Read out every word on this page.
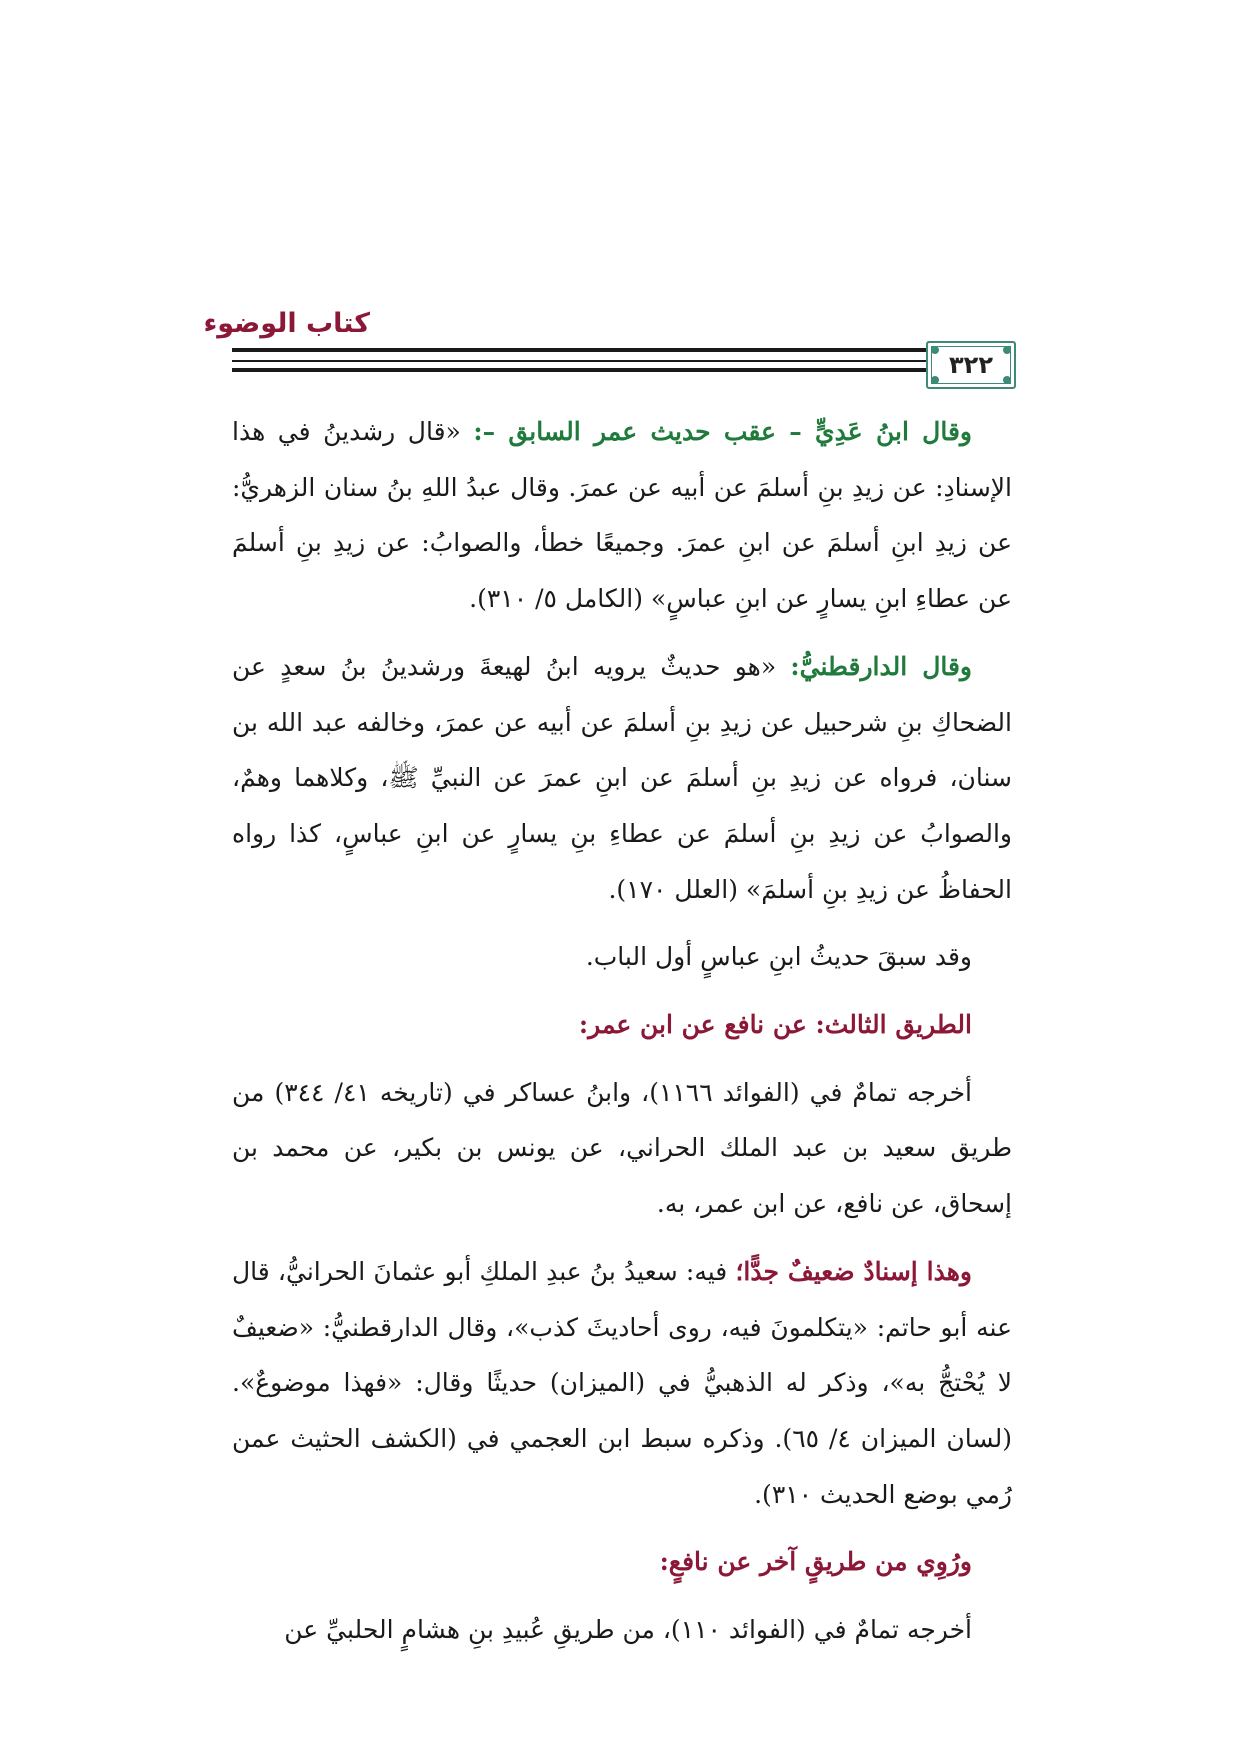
كتاب الوضوء
٣٢٢

وقال ابنُ عَدِيٍّ – عقب حديث عمر السابق –: «قال رشدينُ في هذا الإسنادِ: عن زيدِ بنِ أسلمَ عن أبيه عن عمرَ. وقال عبدُ اللهِ بنُ سنان الزهريُّ: عن زيدِ ابنِ أسلمَ عن ابنِ عمرَ. وجميعًا خطأ، والصوابُ: عن زيدِ بنِ أسلمَ عن عطاءِ ابنِ يسارٍ عن ابنِ عباسٍ» (الكامل ٥/ ٣١٠).

وقال الدارقطنيُّ: «هو حديثٌ يرويه ابنُ لهيعةَ ورشدينُ بنُ سعدٍ عن الضحاكِ بنِ شرحبيل عن زيدِ بنِ أسلمَ عن أبيه عن عمرَ، وخالفه عبد الله بن سنان، فرواه عن زيدِ بنِ أسلمَ عن ابنِ عمرَ عن النبيِّ ﷺ، وكلاهما وهمٌ، والصوابُ عن زيدِ بنِ أسلمَ عن عطاءِ بنِ يسارٍ عن ابنِ عباسٍ، كذا رواه الحفاظُ عن زيدِ بنِ أسلمَ» (العلل ١٧٠).

وقد سبقَ حديثُ ابنِ عباسٍ أول الباب.

الطريق الثالث: عن نافع عن ابن عمر:

أخرجه تمامٌ في (الفوائد ١١٦٦)، وابنُ عساكر في (تاريخه ٤١/ ٣٤٤) من طريق سعيد بن عبد الملك الحراني، عن يونس بن بكير، عن محمد بن إسحاق، عن نافع، عن ابن عمر، به.

وهذا إسنادٌ ضعيفٌ جدًّا؛ فيه: سعيدُ بنُ عبدِ الملكِ أبو عثمانَ الحرانيُّ، قال عنه أبو حاتم: «يتكلمونَ فيه، روى أحاديثَ كذب»، وقال الدارقطنيُّ: «ضعيفٌ لا يُحْتجُّ به»، وذكر له الذهبيُّ في (الميزان) حديثًا وقال: «فهذا موضوعٌ». (لسان الميزان ٤/ ٦٥). وذكره سبط ابن العجمي في (الكشف الحثيث عمن رُمي بوضع الحديث ٣١٠).

ورُوِي من طريقٍ آخر عن نافعٍ:

أخرجه تمامٌ في (الفوائد ١١٠)، من طريقِ عُبيدِ بنِ هشامٍ الحلبيِّ عن
